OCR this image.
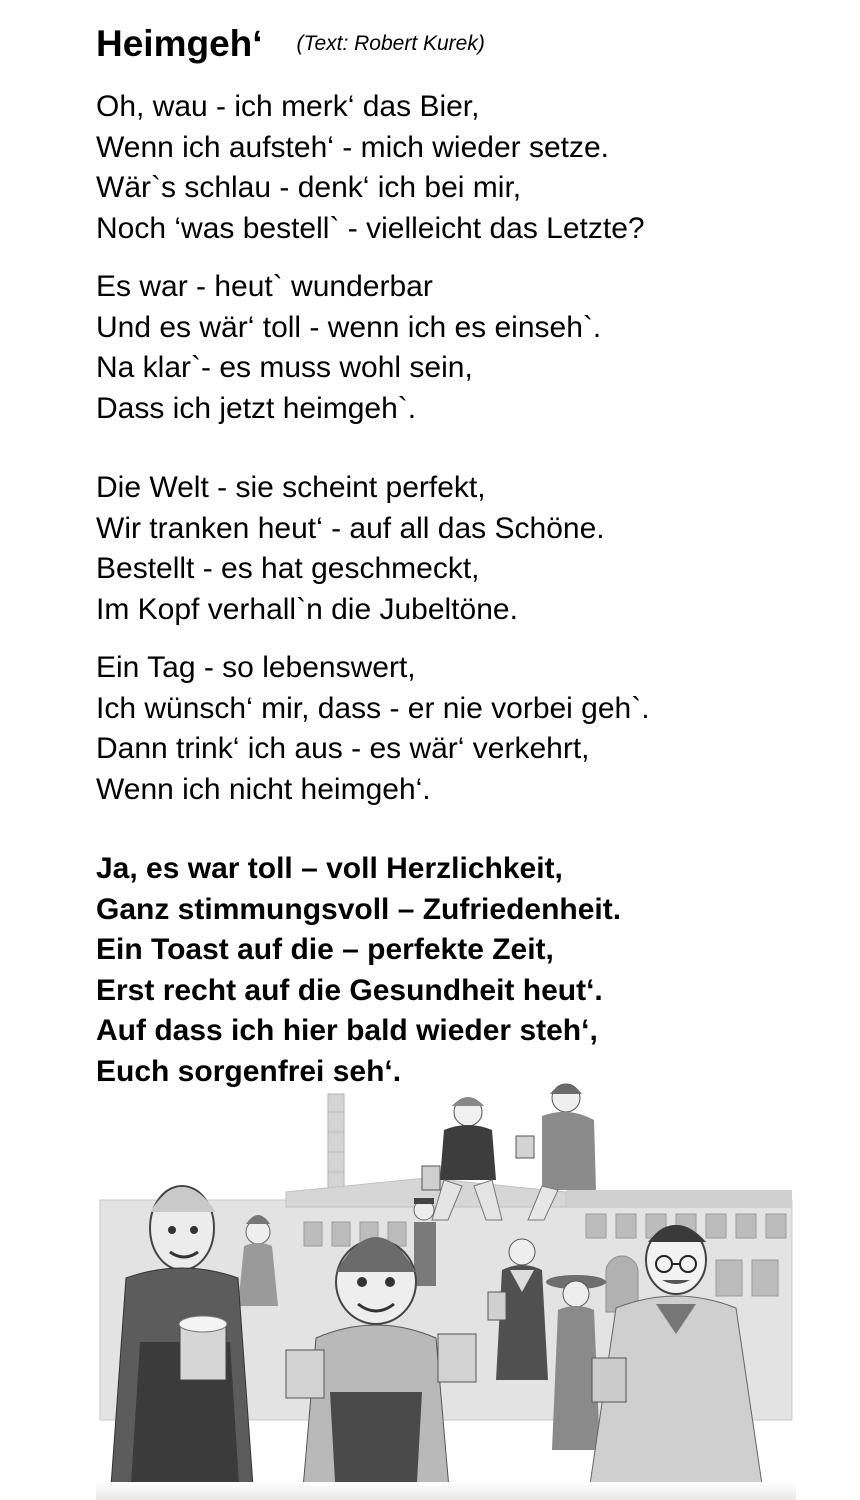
Heimgeh‘ (Text: Robert Kurek)
Oh, wau - ich merk‘ das Bier,
Wenn ich aufsteh‘ - mich wieder setze.
Wär`s schlau - denk‘ ich bei mir,
Noch ‘was bestell` - vielleicht das Letzte?
Es war - heut` wunderbar
Und es wär‘ toll - wenn ich es einseh`.
Na klar`- es muss wohl sein,
Dass ich jetzt heimgeh`.
Die Welt - sie scheint perfekt,
Wir tranken heut‘ - auf all das Schöne.
Bestellt - es hat geschmeckt,
Im Kopf verhall`n die Jubeltöne.
Ein Tag - so lebenswert,
Ich wünsch‘ mir, dass - er nie vorbei geh`.
Dann trink‘ ich aus - es wär‘ verkehrt,
Wenn ich nicht heimgeh‘.
Ja, es war toll – voll Herzlichkeit,
Ganz stimmungsvoll – Zufriedenheit.
Ein Toast auf die – perfekte Zeit,
Erst recht auf die Gesundheit heut‘.
Auf dass ich hier bald wieder steh‘,
Euch sorgenfrei seh‘.
